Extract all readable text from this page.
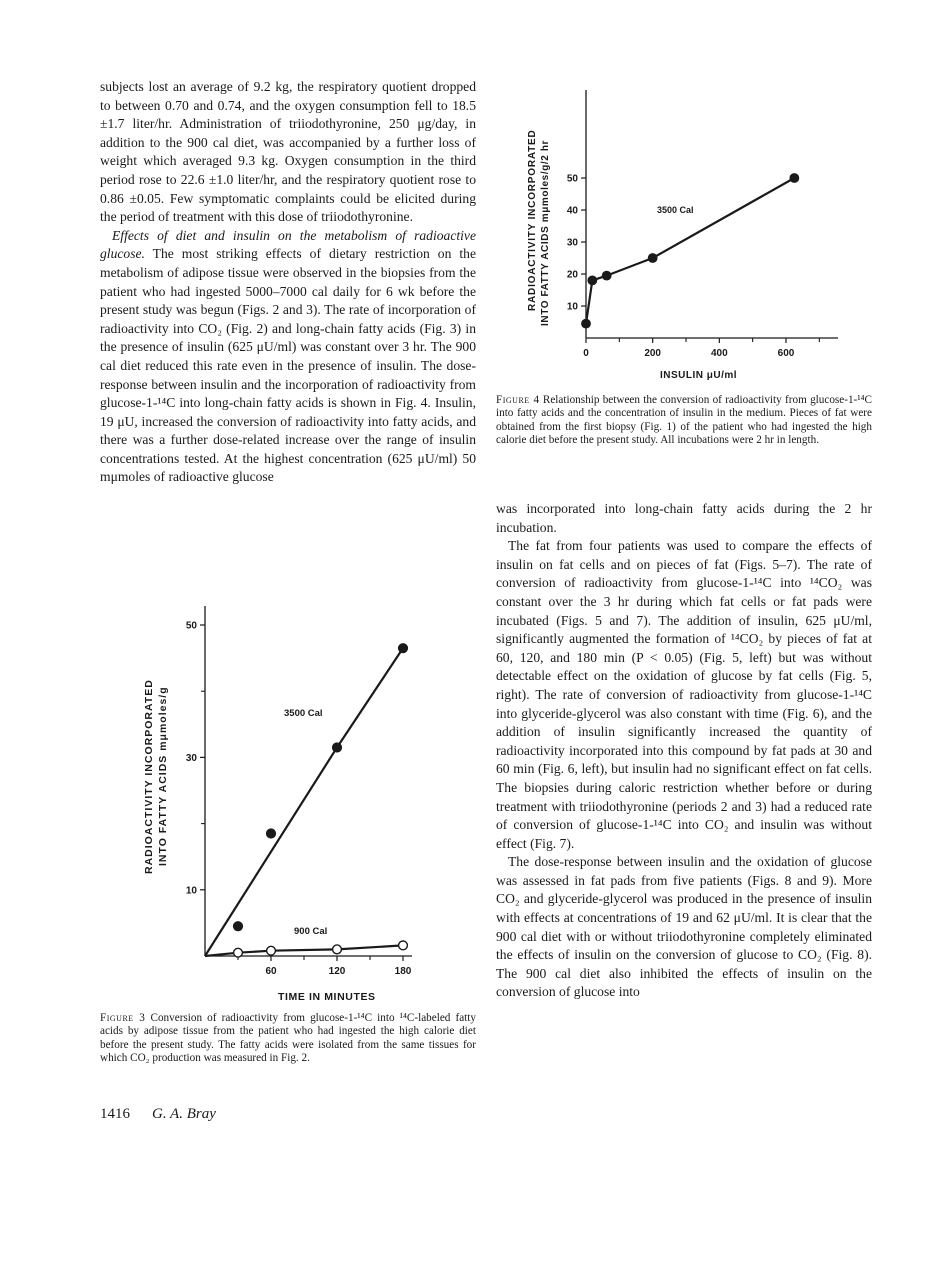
subjects lost an average of 9.2 kg, the respiratory quotient dropped to between 0.70 and 0.74, and the oxygen consumption fell to 18.5 ±1.7 liter/hr. Administration of triiodothyronine, 250 μg/day, in addition to the 900 cal diet, was accompanied by a further loss of weight which averaged 9.3 kg. Oxygen consumption in the third period rose to 22.6 ±1.0 liter/hr, and the respiratory quotient rose to 0.86 ±0.05. Few symptomatic complaints could be elicited during the period of treatment with this dose of triiodothyronine.

Effects of diet and insulin on the metabolism of radioactive glucose. The most striking effects of dietary restriction on the metabolism of adipose tissue were observed in the biopsies from the patient who had ingested 5000–7000 cal daily for 6 wk before the present study was begun (Figs. 2 and 3). The rate of incorporation of radioactivity into CO₂ (Fig. 2) and long-chain fatty acids (Fig. 3) in the presence of insulin (625 μU/ml) was constant over 3 hr. The 900 cal diet reduced this rate even in the presence of insulin. The dose-response between insulin and the incorporation of radioactivity from glucose-1-¹⁴C into long-chain fatty acids is shown in Fig. 4. Insulin, 19 μU, increased the conversion of radioactivity into fatty acids, and there was a further dose-related increase over the range of insulin concentrations tested. At the highest concentration (625 μU/ml) 50 mμmoles of radioactive glucose

RADIOACTIVITY INCORPORATED INTO FATTY ACIDS mμmoles/g/2 hr 10
20
30
40
50
0	200	400	600
3500 Cal
INSULIN μU/ml
Figure 4 Relationship between the conversion of radioactivity from glucose-1-¹⁴C into fatty acids and the concentration of insulin in the medium. Pieces of fat were obtained from the first biopsy (Fig. 1) of the patient who had ingested the high calorie diet before the present study. All incubations were 2 hr in length.

was incorporated into long-chain fatty acids during the 2 hr incubation.

The fat from four patients was used to compare the effects of insulin on fat cells and on pieces of fat (Figs. 5–7). The rate of conversion of radioactivity from glucose-1-¹⁴C into ¹⁴CO₂ was constant over the 3 hr during which fat cells or fat pads were incubated (Figs. 5 and 7). The addition of insulin, 625 μU/ml, significantly augmented the formation of ¹⁴CO₂ by pieces of fat at 60, 120, and 180 min (P < 0.05) (Fig. 5, left) but was without detectable effect on the oxidation of glucose by fat cells (Fig. 5, right). The rate of conversion of radioactivity from glucose-1-¹⁴C into glyceride-glycerol was also constant with time (Fig. 6), and the addition of insulin significantly increased the quantity of radioactivity incorporated into this compound by fat pads at 30 and 60 min (Fig. 6, left), but insulin had no significant effect on fat cells. The biopsies during caloric restriction whether before or during treatment with triiodothyronine (periods 2 and 3) had a reduced rate of conversion of glucose-1-¹⁴C into CO₂ and insulin was without effect (Fig. 7).

The dose-response between insulin and the oxidation of glucose was assessed in fat pads from five patients (Figs. 8 and 9). More CO₂ and glyceride-glycerol was produced in the presence of insulin with effects at concentrations of 19 and 62 μU/ml. It is clear that the 900 cal diet with or without triiodothyronine completely eliminated the effects of insulin on the conversion of glucose to CO₂ (Fig. 8). The 900 cal diet also inhibited the effects of insulin on the conversion of glucose into

RADIOACTIVITY INCORPORATED INTO FATTY ACIDS mμmoles/g
10
30
50
60	120	180
3500 Cal
900 Cal
TIME IN MINUTES
Figure 3 Conversion of radioactivity from glucose-1-¹⁴C into ¹⁴C-labeled fatty acids by adipose tissue from the patient who had ingested the high calorie diet before the present study. The fatty acids were isolated from the same tissues for which CO₂ production was measured in Fig. 2.
1416 G. A. Bray
